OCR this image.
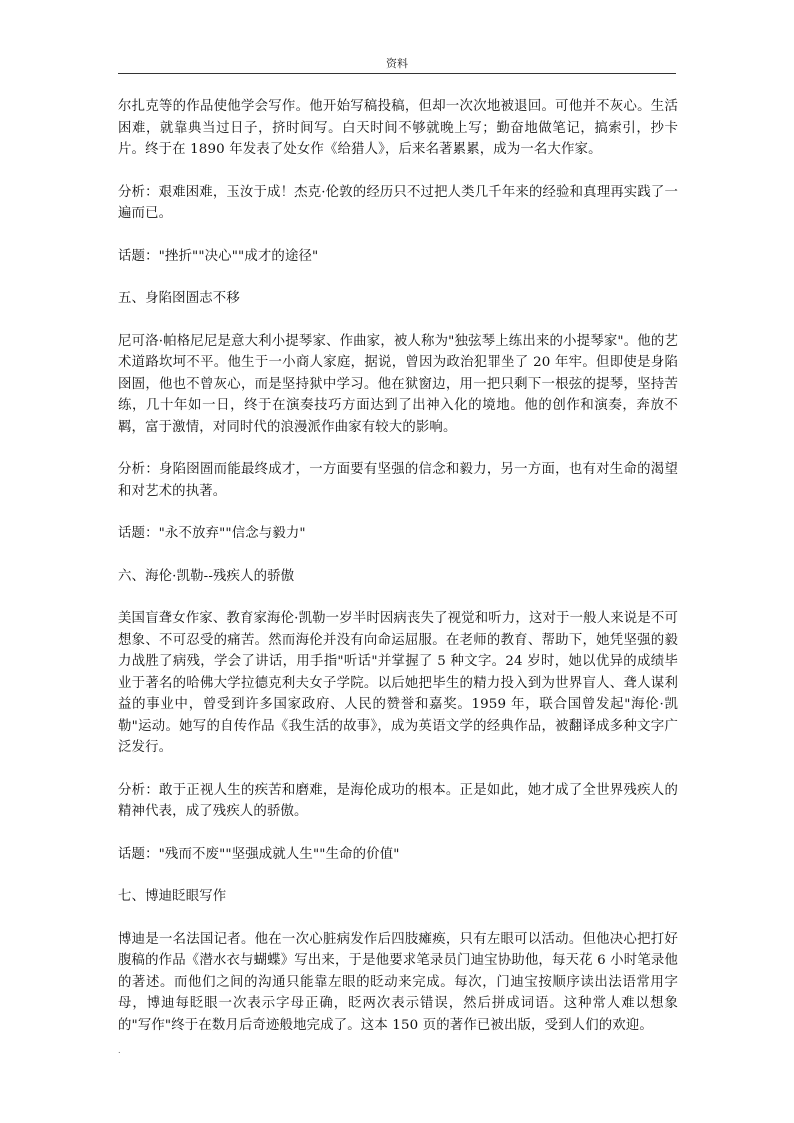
资料

尔扎克等的作品使他学会写作。他开始写稿投稿，但却一次次地被退回。可他并不灰心。生活困难，就靠典当过日子，挤时间写。白天时间不够就晚上写；勤奋地做笔记，搞索引，抄卡片。终于在 1890 年发表了处女作《给猎人》，后来名著累累，成为一名大作家。

分析：艰难困难，玉汝于成！杰克·伦敦的经历只不过把人类几千年来的经验和真理再实践了一遍而已。

话题："挫折""决心""成才的途径"

五、身陷囹圄志不移

尼可洛·帕格尼尼是意大利小提琴家、作曲家，被人称为"独弦琴上练出来的小提琴家"。他的艺术道路坎坷不平。他生于一小商人家庭，据说，曾因为政治犯罪坐了 20 年牢。但即使是身陷囹圄，他也不曾灰心，而是坚持狱中学习。他在狱窗边，用一把只剩下一根弦的提琴，坚持苦练，几十年如一日，终于在演奏技巧方面达到了出神入化的境地。他的创作和演奏，奔放不羁，富于激情，对同时代的浪漫派作曲家有较大的影响。

分析：身陷囹圄而能最终成才，一方面要有坚强的信念和毅力，另一方面，也有对生命的渴望和对艺术的执著。

话题："永不放弃""信念与毅力"

六、海伦·凯勒--残疾人的骄傲

美国盲聋女作家、教育家海伦·凯勒一岁半时因病丧失了视觉和听力，这对于一般人来说是不可想象、不可忍受的痛苦。然而海伦并没有向命运屈服。在老师的教育、帮助下，她凭坚强的毅力战胜了病残，学会了讲话，用手指"听话"并掌握了 5 种文字。24 岁时，她以优异的成绩毕业于著名的哈佛大学拉德克利夫女子学院。以后她把毕生的精力投入到为世界盲人、聋人谋利益的事业中，曾受到许多国家政府、人民的赞誉和嘉奖。1959 年，联合国曾发起"海伦·凯勒"运动。她写的自传作品《我生活的故事》，成为英语文学的经典作品，被翻译成多种文字广泛发行。

分析：敢于正视人生的疾苦和磨难，是海伦成功的根本。正是如此，她才成了全世界残疾人的精神代表，成了残疾人的骄傲。

话题："残而不废""坚强成就人生""生命的价值"

七、博迪眨眼写作

博迪是一名法国记者。他在一次心脏病发作后四肢瘫痪，只有左眼可以活动。但他决心把打好腹稿的作品《潜水衣与蝴蝶》写出来，于是他要求笔录员门迪宝协助他，每天花 6 小时笔录他的著述。而他们之间的沟通只能靠左眼的眨动来完成。每次，门迪宝按顺序读出法语常用字母，博迪每眨眼一次表示字母正确，眨两次表示错误，然后拼成词语。这种常人难以想象的"写作"终于在数月后奇迹般地完成了。这本 150 页的著作已被出版，受到人们的欢迎。

.
